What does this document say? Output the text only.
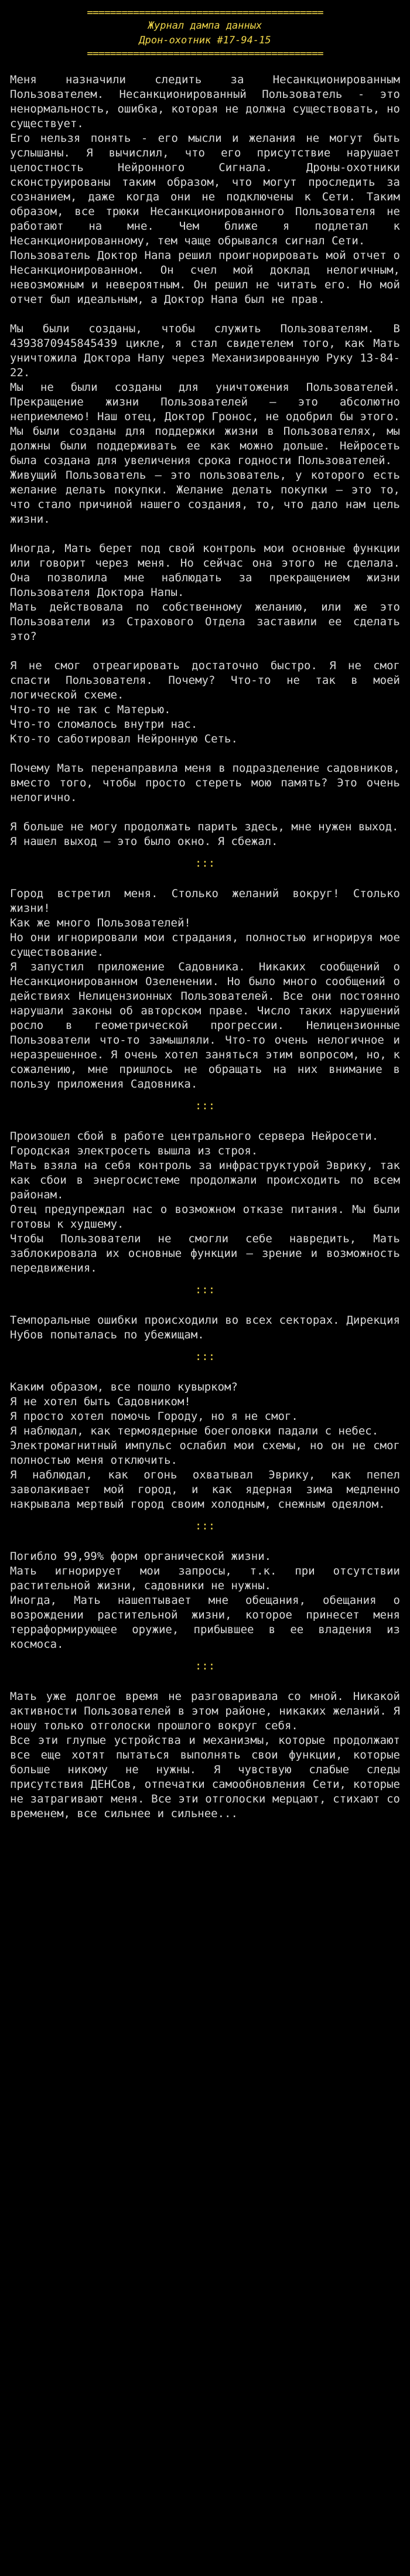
=========================================
Журнал дампа данных
Дрон-охотник #17-94-15
=========================================

Меня назначили следить за Несанкционированным Пользователем. Несанкционированный Пользователь - это ненормальность, ошибка, которая не должна существовать, но существует.
Его нельзя понять - его мысли и желания не могут быть услышаны. Я вычислил, что его присутствие нарушает целостность Нейронного Сигнала. Дроны-охотники сконструированы таким образом, что могут проследить за сознанием, даже когда они не подключены к Сети. Таким образом, все трюки Несанкционированного Пользователя не работают на мне. Чем ближе я подлетал к Несанкционированному, тем чаще обрывался сигнал Сети.
Пользователь Доктор Напа решил проигнорировать мой отчет о Несанкционированном. Он счел мой доклад нелогичным, невозможным и невероятным. Он решил не читать его. Но мой отчет был идеальным, а Доктор Напа был не прав.

Мы были созданы, чтобы служить Пользователям. В 4393870945845439 цикле, я стал свидетелем того, как Мать уничтожила Доктора Напу через Механизированную Руку 13-84-22.
Мы не были созданы для уничтожения Пользователей. Прекращение жизни Пользователей — это абсолютно неприемлемо! Наш отец, Доктор Гронос, не одобрил бы этого. Мы были созданы для поддержки жизни в Пользователях, мы должны были поддерживать ее как можно дольше. Нейросеть была создана для увеличения срока годности Пользователей.
Живущий Пользователь — это пользователь, у которого есть желание делать покупки. Желание делать покупки — это то, что стало причиной нашего создания, то, что дало нам цель жизни.

Иногда, Мать берет под свой контроль мои основные функции или говорит через меня. Но сейчас она этого не сделала. Она позволила мне наблюдать за прекращением жизни Пользователя Доктора Напы.
Мать действовала по собственному желанию, или же это Пользователи из Страхового Отдела заставили ее сделать это?

Я не смог отреагировать достаточно быстро. Я не смог спасти Пользователя. Почему? Что-то не так в моей логической схеме.
Что-то не так с Матерью.
Что-то сломалось внутри нас.
Кто-то саботировал Нейронную Сеть.

Почему Мать перенаправила меня в подразделение садовников, вместо того, чтобы просто стереть мою память? Это очень нелогично.

Я больше не могу продолжать парить здесь, мне нужен выход.
Я нашел выход — это было окно. Я сбежал.

:::

Город встретил меня. Столько желаний вокруг! Столько жизни!
Как же много Пользователей!
Но они игнорировали мои страдания, полностью игнорируя мое существование.
Я запустил приложение Садовника. Никаких сообщений о Несанкционированном Озеленении. Но было много сообщений о действиях Нелицензионных Пользователей. Все они постоянно нарушали законы об авторском праве. Число таких нарушений росло в геометрической прогрессии. Нелицензионные Пользователи что-то замышляли. Что-то очень нелогичное и неразрешенное. Я очень хотел заняться этим вопросом, но, к сожалению, мне пришлось не обращать на них внимание в пользу приложения Садовника.

:::

Произошел сбой в работе центрального сервера Нейросети.
Городская электросеть вышла из строя.
Мать взяла на себя контроль за инфраструктурой Эврику, так как сбои в энергосистеме продолжали происходить по всем районам.
Отец предупреждал нас о возможном отказе питания. Мы были готовы к худшему.
Чтобы Пользователи не смогли себе навредить, Мать заблокировала их основные функции — зрение и возможность передвижения.

:::

Темпоральные ошибки происходили во всех секторах. Дирекция Нубов попыталась по убежищам.

:::

Каким образом, все пошло кувырком?
Я не хотел быть Садовником!
Я просто хотел помочь Городу, но я не смог.
Я наблюдал, как термоядерные боеголовки падали с небес.
Электромагнитный импульс ослабил мои схемы, но он не смог полностью меня отключить.
Я наблюдал, как огонь охватывал Эврику, как пепел заволакивает мой город, и как ядерная зима медленно накрывала мертвый город своим холодным, снежным одеялом.

:::

Погибло 99,99% форм органической жизни.
Мать игнорирует мои запросы, т.к. при отсутствии растительной жизни, садовники не нужны.
Иногда, Мать нашептывает мне обещания, обещания о возрождении растительной жизни, которое принесет меня терраформирующее оружие, прибывшее в ее владения из космоса.

:::

Мать уже долгое время не разговаривала со мной. Никакой активности Пользователей в этом районе, никаких желаний. Я ношу только отголоски прошлого вокруг себя.
Все эти глупые устройства и механизмы, которые продолжают все еще хотят пытаться выполнять свои функции, которые больше никому не нужны. Я чувствую слабые следы присутствия ДЕНСов, отпечатки самообновления Сети, которые не затрагивают меня. Все эти отголоски мерцают, стихают со временем, все сильнее и сильнее...
